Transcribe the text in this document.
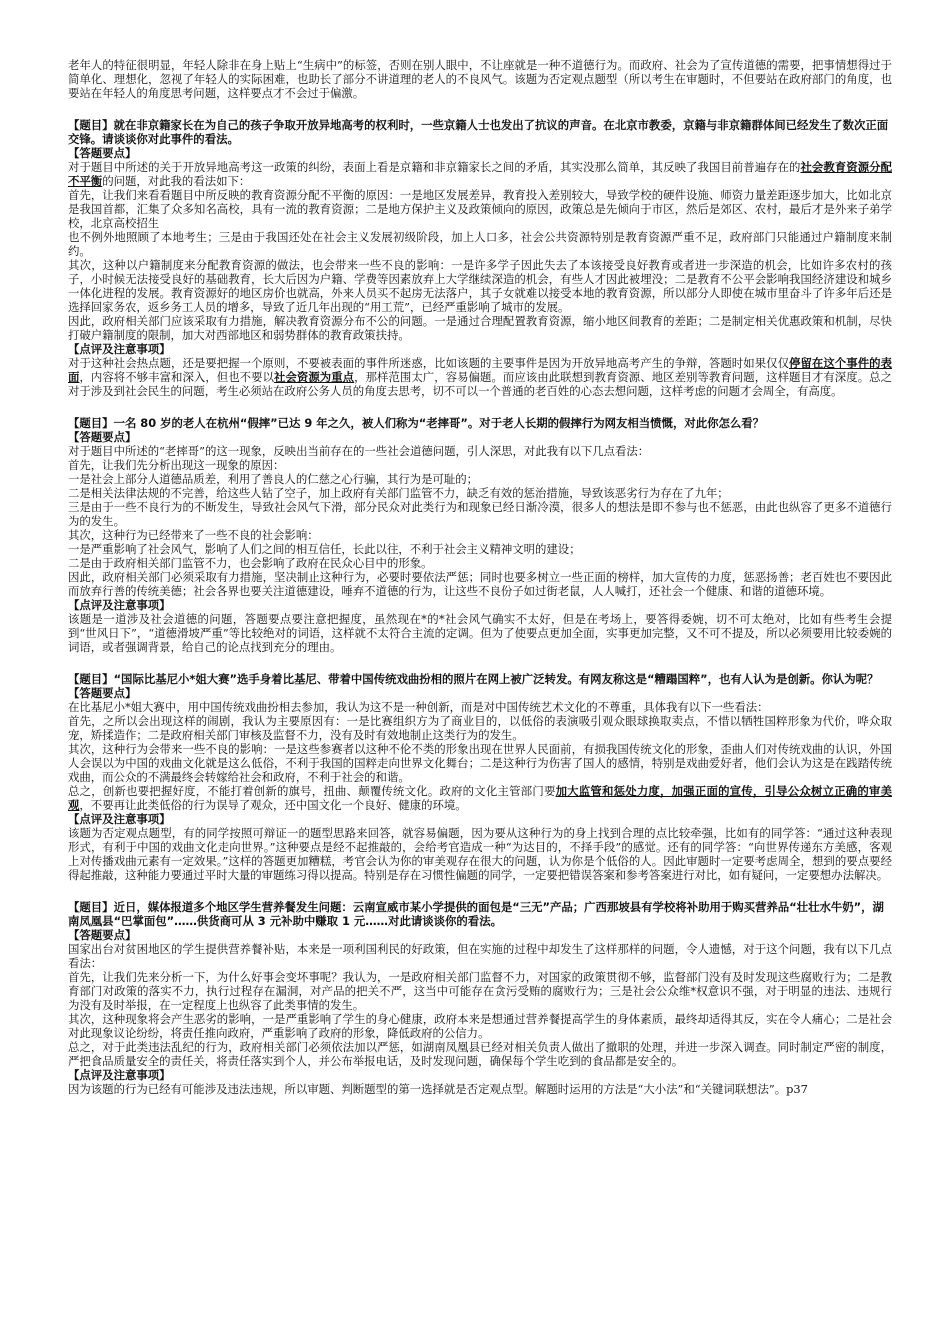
老年人的特征很明显，年轻人除非在身上贴上“生病中”的标签，否则在别人眼中，不让座就是一种不道德行为。而政府、社会为了宣传道德的需要，把事情想得过于简单化、理想化，忽视了年轻人的实际困难，也助长了部分不讲道理的老人的不良风气。该题为否定观点题型（所以考生在审题时，不但要站在政府部门的角度，也要站在年轻人的角度思考问题，这样要点才不会过于偏激。

【题目】就在非京籍家长在为自己的孩子争取开放异地高考的权利时，一些京籍人士也发出了抗议的声音。在北京市教委，京籍与非京籍群体间已经发生了数次正面交锋。请谈谈你对此事件的看法。

【答题要点】

对于题目中所述的关于开放异地高考这一政策的纠纷，表面上看是京籍和非京籍家长之间的矛盾，其实没那么简单，其反映了我国目前普遍存在的社会教育资源分配不平衡的问题，对此我的看法如下：

首先，让我们来看看题目中所反映的教育资源分配不平衡的原因：一是地区发展差异，教育投入差别较大，导致学校的硬件设施、师资力量差距逐步加大，比如北京是我国首都，汇集了众多知名高校，具有一流的教育资源；二是地方保护主义及政策倾向的原因，政策总是先倾向于市区，然后是郊区、农村，最后才是外来子弟学校，北京高校招生

也不例外地照顾了本地考生；三是由于我国还处在社会主义发展初级阶段，加上人口多，社会公共资源特别是教育资源严重不足，政府部门只能通过户籍制度来制约。

其次，这种以户籍制度来分配教育资源的做法，也会带来一些不良的影响：一是许多学子因此失去了本该接受良好教育或者进一步深造的机会，比如许多农村的孩子，小时候无法接受良好的基础教育，长大后因为户籍、学费等因素放弃上大学继续深造的机会，有些人才因此被埋没；二是教育不公平会影响我国经济建设和城乡一体化进程的发展。教育资源好的地区房价也就高，外来人员买不起房无法落户，其子女就难以接受本地的教育资源，所以部分人即使在城市里奋斗了许多年后还是选择回家务农，返乡务工人员的增多，导致了近几年出现的“用工荒”，已经严重影响了城市的发展。

因此，政府相关部门应该采取有力措施，解决教育资源分布不公的问题。一是通过合理配置教育资源，缩小地区间教育的差距；二是制定相关优惠政策和机制，尽快打破户籍制度的限制，加大对西部地区和弱势群体的教育政策扶持。

【点评及注意事项】

对于这种社会热点题，还是要把握一个原则，不要被表面的事件所迷惑，比如该题的主要事件是因为开放异地高考产生的争辩，答题时如果仅仅停留在这个事件的表面，内容将不够丰富和深入，但也不要以社会资源为重点，那样范围太广，容易偏题。而应该由此联想到教育资源、地区差别等教育问题，这样题目才有深度。总之对于涉及到社会民生的问题，考生必须站在政府公务人员的角度去思考，切不可以一个普通的老百姓的心态去想问题，这样考虑的问题才会周全，有高度。

【题目】一名 80 岁的老人在杭州“假摔”已达 9 年之久，被人们称为“老摔哥”。对于老人长期的假摔行为网友相当愤慨，对此你怎么看？

【答题要点】

对于题目中所述的“老摔哥”的这一现象，反映出当前存在的一些社会道德问题，引人深思，对此我有以下几点看法：

首先，让我们先分析出现这一现象的原因：

一是社会上部分人道德品质差，利用了善良人的仁慈之心行骗，其行为是可耻的；

二是相关法律法规的不完善，给这些人钻了空子，加上政府有关部门监管不力，缺乏有效的惩治措施，导致该恶劣行为存在了九年；

三是由于一些不良行为的不断发生，导致社会风气下滑，部分民众对此类行为和现象已经日渐冷漠，很多人的想法是即不参与也不惩恶，由此也纵容了更多不道德行为的发生。

其次，这种行为已经带来了一些不良的社会影响：

一是严重影响了社会风气，影响了人们之间的相互信任，长此以往，不利于社会主义精神文明的建设；

二是由于政府相关部门监管不力，也会影响了政府在民众心目中的形象。

因此，政府相关部门必须采取有力措施，坚决制止这种行为，必要时要依法严惩；同时也要多树立一些正面的榜样，加大宣传的力度，惩恶扬善；老百姓也不要因此而放弃行善的传统美德；社会各界也要关注道德建设，唾弃不道德的行为，让这些不良份子如过街老鼠，人人喊打，还社会一个健康、和谐的道德环境。

【点评及注意事项】

该题是一道涉及社会道德的问题，答题要点要注意把握度，虽然现在*的*社会风气确实不太好，但是在考场上，要答得委婉，切不可太绝对，比如有些考生会提到“世风日下”，“道德滑坡严重”等比较绝对的词语，这样就不太符合主流的定调。但为了使要点更加全面，实事更加完整，又不可不提及，所以必须要用比较委婉的词语，或者强调背景，给自己的论点找到充分的理由。

【题目】“国际比基尼小*姐大赛”选手身着比基尼、带着中国传统戏曲扮相的照片在网上被广泛转发。有网友称这是“糟蹋国粹”，也有人认为是创新。你认为呢？

【答题要点】

在比基尼小*姐大赛中，用中国传统戏曲扮相去参加，我认为这不是一种创新，而是对中国传统艺术文化的不尊重，具体我有以下一些看法：

首先，之所以会出现这样的闹剧，我认为主要原因有：一是比赛组织方为了商业目的，以低俗的表演吸引观众眼球换取卖点，不惜以牺牲国粹形象为代价，哗众取宠，矫揉造作；二是政府相关部门审核及监督不力，没有及时有效地制止这类行为的发生。

其次，这种行为会带来一些不良的影响：一是这些参赛者以这种不伦不类的形象出现在世界人民面前，有损我国传统文化的形象，歪曲人们对传统戏曲的认识，外国人会误以为中国的戏曲文化就是这么低俗，不利于我国的国粹走向世界文化舞台；二是这种行为伤害了国人的感情，特别是戏曲爱好者，他们会认为这是在践踏传统戏曲，而公众的不满最终会转嫁给社会和政府，不利于社会的和谐。

总之，创新也要把握好度，不能打着创新的旗号，扭曲、颠覆传统文化。政府的文化主管部门要加大监管和惩处力度，加强正面的宣传，引导公众树立正确的审美观，不要再让此类低俗的行为误导了观众，还中国文化一个良好、健康的环境。

【点评及注意事项】

该题为否定观点题型，有的同学按照可辩证一的题型思路来回答，就容易偏题，因为要从这种行为的身上找到合理的点比较牵强，比如有的同学答：“通过这种表现形式，有利于中国的戏曲文化走向世界。”这种要点是经不起推敲的，会给考官造成一种“为达目的，不择手段”的感觉。还有的同学答：“向世界传递东方美感，客观上对传播戏曲元素有一定效果。”这样的答题更加糟糕，考官会认为你的审美观存在很大的问题，认为你是个低俗的人。因此审题时一定要考虑周全，想到的要点要经得起推敲，这种能力要通过平时大量的审题练习得以提高。特别是存在习惯性偏题的同学，一定要把错误答案和参考答案进行对比，如有疑问，一定要想办法解决。

【题目】近日，媒体报道多个地区学生营养餐发生问题：云南宣威市某小学提供的面包是“三无”产品；广西那坡县有学校将补助用于购买营养品“壮壮水牛奶”，湖南凤凰县“巴掌面包”……供货商可从 3 元补助中赚取 1 元……对此请谈谈你的看法。

【答题要点】

国家出台对贫困地区的学生提供营养餐补贴，本来是一项利国利民的好政策，但在实施的过程中却发生了这样那样的问题，令人遗憾，对于这个问题，我有以下几点看法：

首先，让我们先来分析一下，为什么好事会变坏事呢？我认为，一是政府相关部门监督不力，对国家的政策贯彻不够，监督部门没有及时发现这些腐败行为；二是教育部门对政策的落实不力，执行过程存在漏洞，对产品的把关不严，这当中可能存在贪污受贿的腐败行为；三是社会公众维*权意识不强，对于明显的违法、违规行为没有及时举报，在一定程度上也纵容了此类事情的发生。

其次，这种现象将会产生恶劣的影响，一是严重影响了学生的身心健康，政府本来是想通过营养餐提高学生的身体素质，最终却适得其反，实在令人痛心；二是社会对此现象议论纷纷，将责任推向政府，严重影响了政府的形象，降低政府的公信力。

总之，对于此类违法乱纪的行为，政府相关部门必须依法加以严惩，如湖南凤凰县已经对相关负责人做出了撤职的处理，并进一步深入调查。同时制定严密的制度，严把食品质量安全的责任关，将责任落实到个人，并公布举报电话，及时发现问题，确保每个学生吃到的食品都是安全的。

【点评及注意事项】

因为该题的行为已经有可能涉及违法违规，所以审题、判断题型的第一选择就是否定观点型。解题时运用的方法是“大小法”和“关键词联想法”。p37
